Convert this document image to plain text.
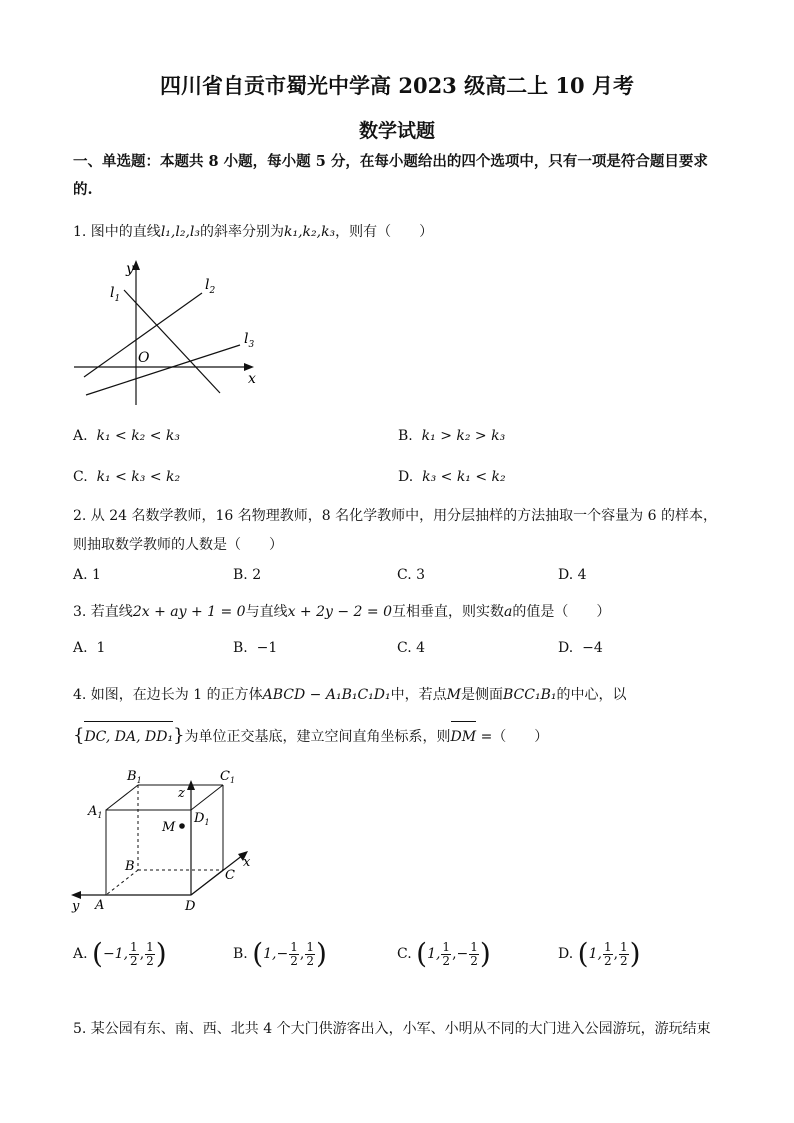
四川省自贡市蜀光中学高 2023 级高二上 10 月考
数学试题
一、单选题：本题共 8 小题，每小题 5 分，在每小题给出的四个选项中，只有一项是符合题目要求的.
1. 图中的直线l₁,l₂,l₃的斜率分别为k₁,k₂,k₃，则有（　　）
$l_1$
$l_2$
$l_3$
O
x
y
A. k₁ < k₂ < k₃	B. k₁ > k₂ > k₃
C. k₁ < k₃ < k₂	D. k₃ < k₁ < k₂
2. 从 24 名数学教师，16 名物理教师，8 名化学教师中，用分层抽样的方法抽取一个容量为 6 的样本，则抽取数学教师的人数是（　　）
A. 1	B. 2	C. 3	D. 4
3. 若直线2x + ay + 1 = 0与直线x + 2y − 2 = 0互相垂直，则实数a的值是（　　）
A. 1	B. −1	C. 4	D. −4
4. 如图，在边长为 1 的正方体ABCD − A₁B₁C₁D₁中，若点M是侧面BCC₁B₁的中心，以
{DC, DA, DD₁}为单位正交基底，建立空间直角坐标系，则DM =（　　）
$B_1$	$C_1$
$A_1$	$D_1$
M
z
B
C
x
A	D
y
A. (−1, $\frac{1}{2}$ , $\frac{1}{2}$ )	B. ($1,- \frac{1}{2}$ , $\frac{1}{2}$ )	C. (1, $\frac{1}{2}$ ,− $\frac{1}{2}$ )	D. (1, $\frac{1}{2}$ , $\frac{1}{2}$ )
5. 某公园有东、南、西、北共 4 个大门供游客出入，小军、小明从不同的大门进入公园游玩，游玩结束
